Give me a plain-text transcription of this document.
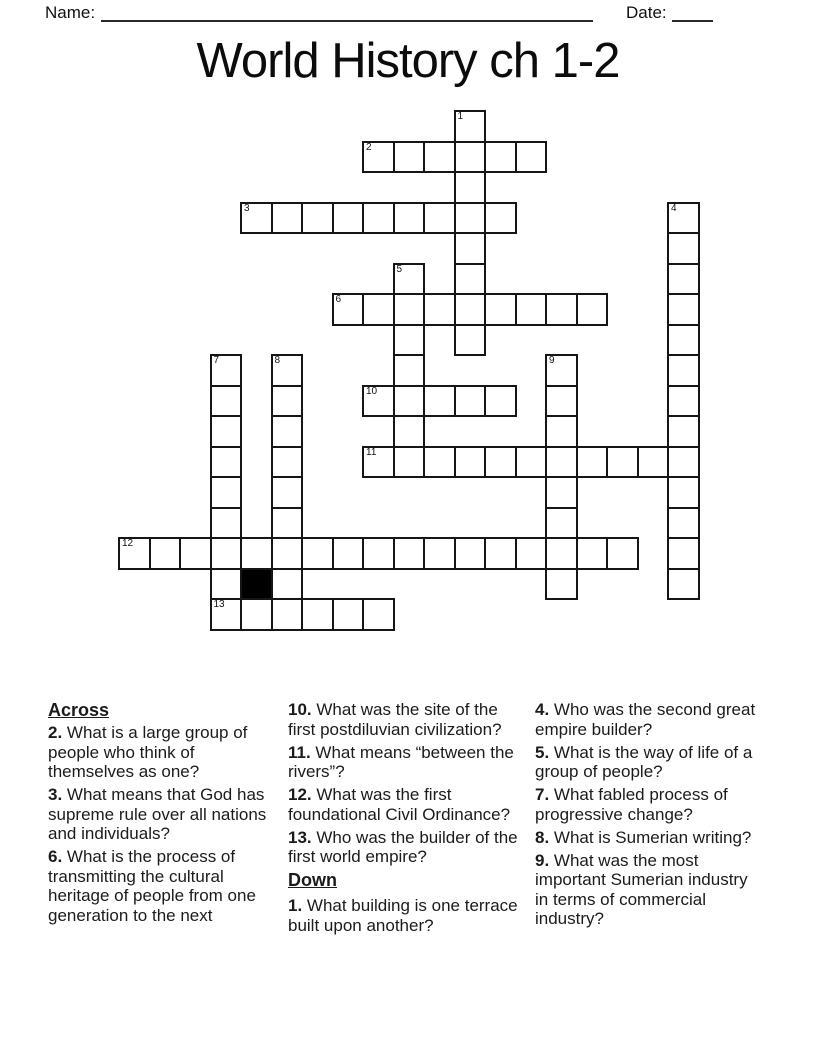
Name:	Date:
World History ch 1-2
1
2
3	4
5
6
7
13
8	9
10
11
12
Across
2. What is a large group of people who think of themselves as one?
3. What means that God has supreme rule over all nations and individuals?
6. What is the process of transmitting the cultural heritage of people from one generation to the next
10. What was the site of the first postdiluvian civilization?
11. What means “between the rivers”?
12. What was the first foundational Civil Ordinance?
13. Who was the builder of the first world empire?
Down
1. What building is one terrace built upon another?
4. Who was the second great empire builder?
5. What is the way of life of a group of people?
7. What fabled process of progressive change?
8. What is Sumerian writing?
9. What was the most important Sumerian industry in terms of commercial industry?
